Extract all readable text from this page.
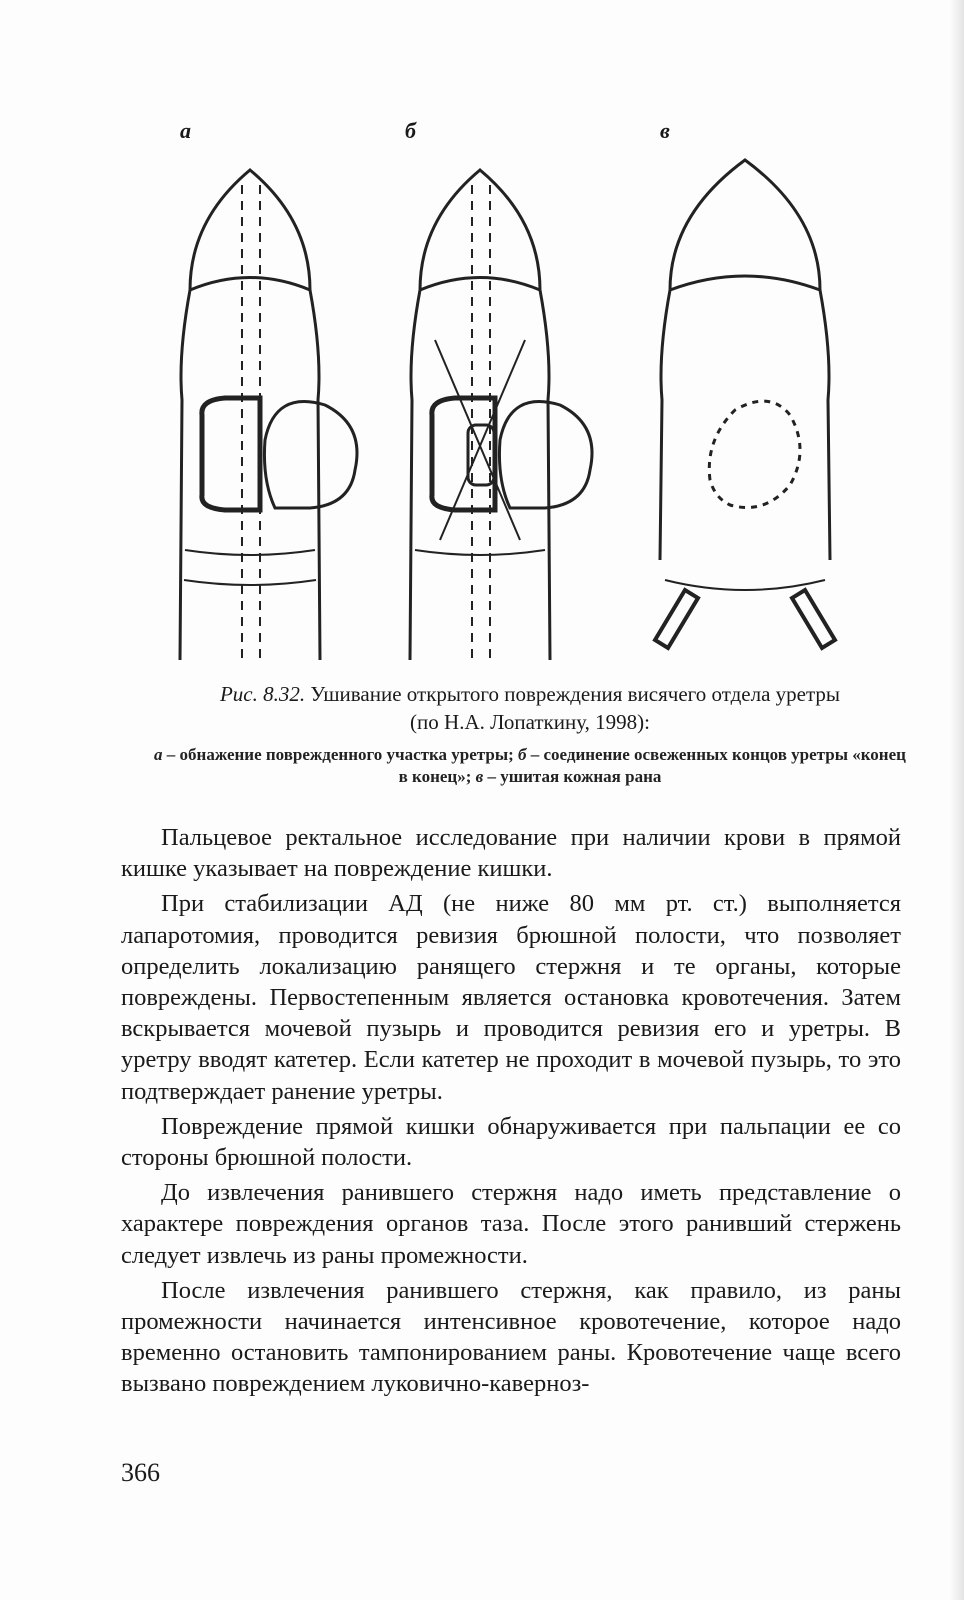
а	б	в
Рис. 8.32. Ушивание открытого повреждения висячего отдела уретры
(по Н.А. Лопаткину, 1998):
а – обнажение поврежденного участка уретры; б – соединение освеженных концов уретры «конец в конец»; в – ушитая кожная рана

Пальцевое ректальное исследование при наличии крови в прямой кишке указывает на повреждение кишки.

При стабилизации АД (не ниже 80 мм рт. ст.) выполняется лапаротомия, проводится ревизия брюшной полости, что позволяет определить локализацию ранящего стержня и те органы, которые повреждены. Первостепенным является остановка кровотечения. Затем вскрывается мочевой пузырь и проводится ревизия его и уретры. В уретру вводят катетер. Если катетер не проходит в мочевой пузырь, то это подтверждает ранение уретры.

Повреждение прямой кишки обнаруживается при пальпации ее со стороны брюшной полости.

До извлечения ранившего стержня надо иметь представление о характере повреждения органов таза. После этого ранивший стержень следует извлечь из раны промежности.

После извлечения ранившего стержня, как правило, из раны промежности начинается интенсивное кровотечение, которое надо временно остановить тампонированием раны. Кровотечение чаще всего вызвано повреждением луковично-каверноз-

366
